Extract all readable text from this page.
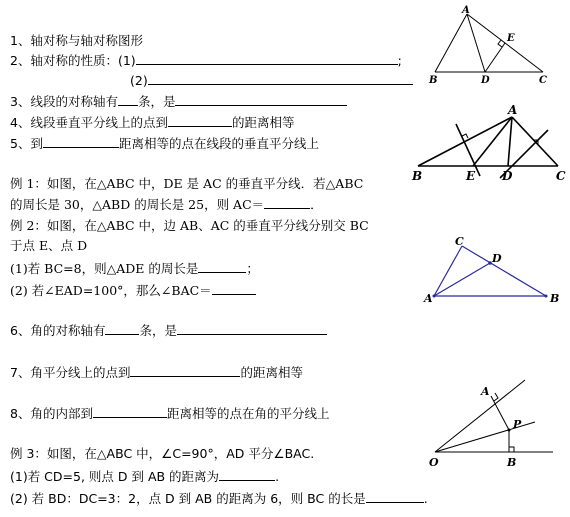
1、轴对称与轴对称图形
2、轴对称的性质：(1)	;
(2)
3、线段的对称轴有 条，是
4、线段垂直平分线上的点到	的距离相等
5、到	距离相等的点在线段的垂直平分线上
例 1：如图，在△ABC 中，DE 是 AC 的垂直平分线．若△ABC
的周长是 30，△ABD 的周长是 25，则 AC＝	．
例 2：如图，在△ABC 中，边 AB、AC 的垂直平分线分别交 BC
于点 E、点 D
(1)若 BC=8，则△ADE 的周长是	；
(2) 若∠EAD=100°，那么∠BAC＝
6、角的对称轴有	条，是
7、角平分线上的点到	的距离相等
8、角的内部到	距离相等的点在角的平分线上
例 3：如图，在△ABC 中，∠C=90°，AD 平分∠BAC.
(1)若 CD=5, 则点 D 到 AB 的距离为	.
(2) 若 BD：DC=3：2，点 D 到 AB 的距离为 6，则 BC 的长是	.
A
E
B	D	C
A
B	E D	C
C
D
A	B
A
P
O	B
